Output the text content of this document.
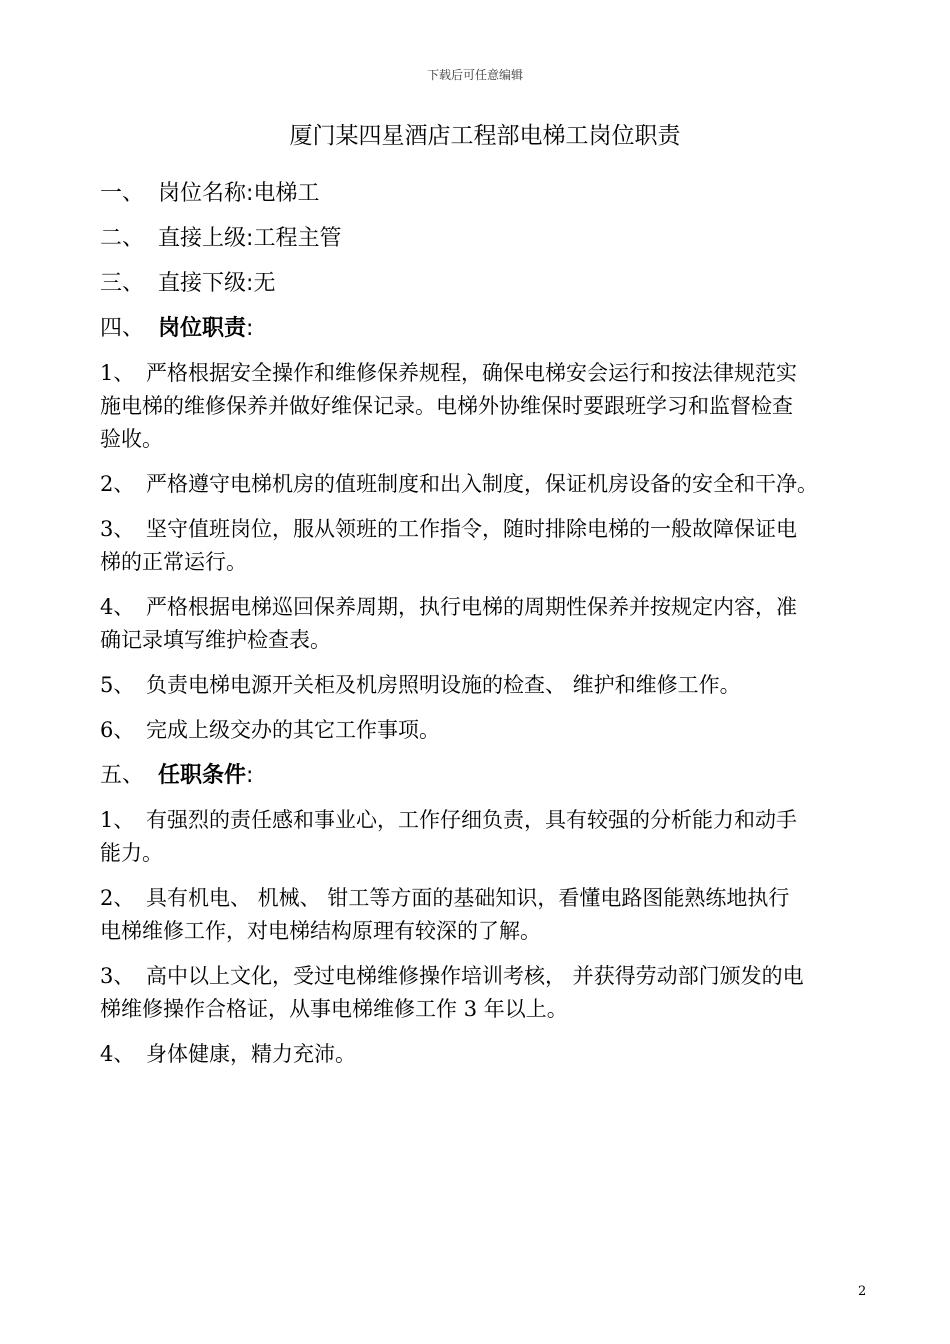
下载后可任意编辑
厦门某四星酒店工程部电梯工岗位职责
一、 岗位名称:电梯工
二、 直接上级:工程主管
三、 直接下级:无
四、 岗位职责:
1、 严格根据安全操作和维修保养规程，确保电梯安会运行和按法律规范实
施电梯的维修保养并做好维保记录。电梯外协维保时要跟班学习和监督检查
验收。
2、 严格遵守电梯机房的值班制度和出入制度，保证机房设备的安全和干净。
3、 坚守值班岗位，服从领班的工作指令，随时排除电梯的一般故障保证电
梯的正常运行。
4、 严格根据电梯巡回保养周期，执行电梯的周期性保养并按规定内容，准
确记录填写维护检查表。
5、 负责电梯电源开关柜及机房照明设施的检查、 维护和维修工作。
6、 完成上级交办的其它工作事项。
五、 任职条件:
1、 有强烈的责任感和事业心，工作仔细负责，具有较强的分析能力和动手
能力。
2、 具有机电、 机械、 钳工等方面的基础知识，看懂电路图能熟练地执行
电梯维修工作，对电梯结构原理有较深的了解。
3、 高中以上文化，受过电梯维修操作培训考核， 并获得劳动部门颁发的电
梯维修操作合格证，从事电梯维修工作 3 年以上。
4、 身体健康，精力充沛。
2
